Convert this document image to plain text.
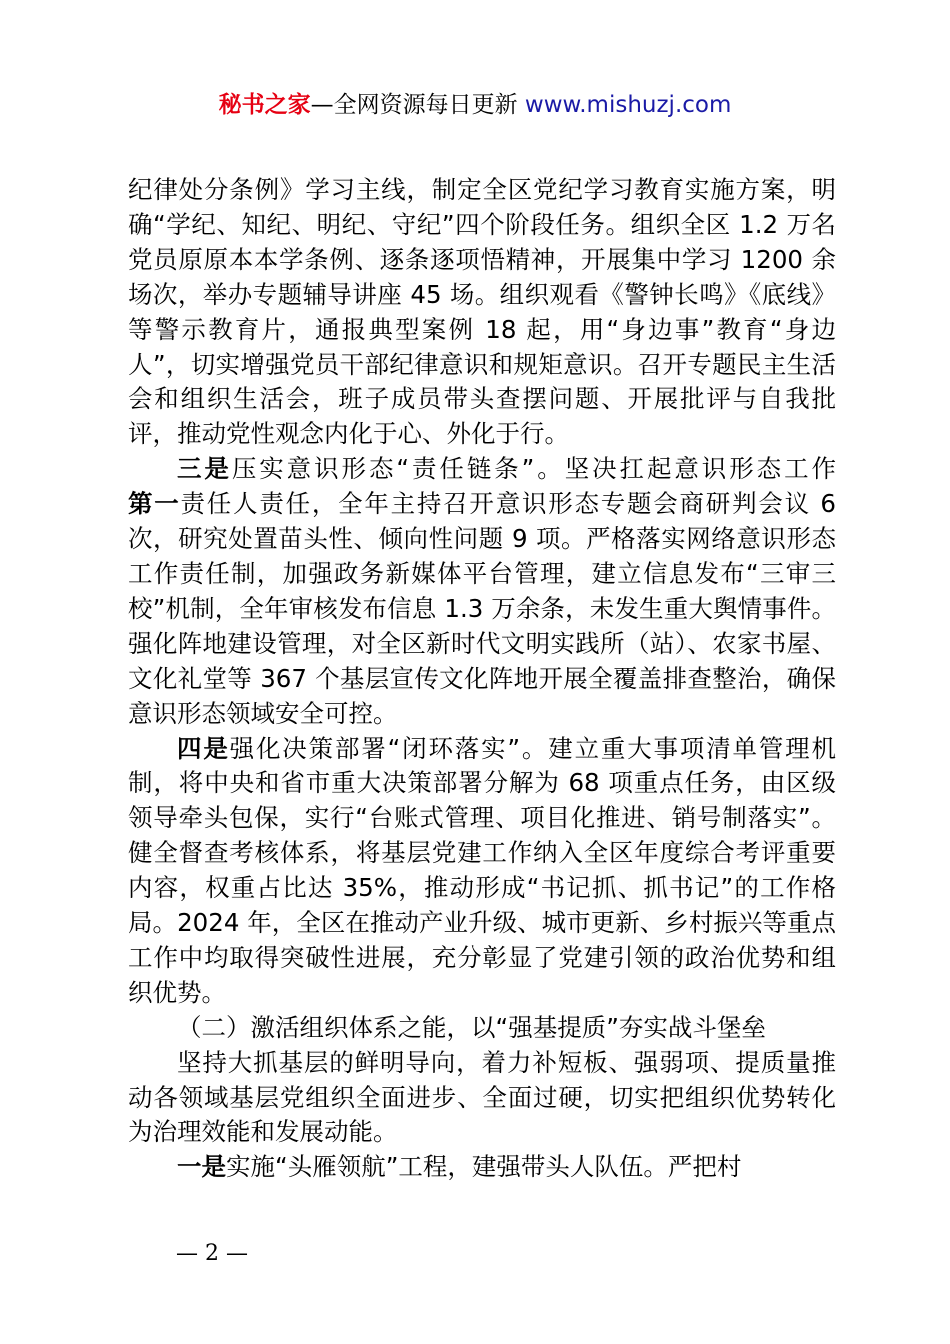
秘书之家—全网资源每日更新 www.mishuzj.com

纪律处分条例》学习主线，制定全区党纪学习教育实施方案，明确“学纪、知纪、明纪、守纪”四个阶段任务。组织全区 1.2 万名党员原原本本学条例、逐条逐项悟精神，开展集中学习 1200 余场次，举办专题辅导讲座 45 场。组织观看《警钟长鸣》《底线》等警示教育片，通报典型案例 18 起，用“身边事”教育“身边人”，切实增强党员干部纪律意识和规矩意识。召开专题民主生活会和组织生活会，班子成员带头查摆问题、开展批评与自我批评，推动党性观念内化于心、外化于行。

三是压实意识形态“责任链条”。坚决扛起意识形态工作

第一责任人责任，全年主持召开意识形态专题会商研判会议 6 次，研究处置苗头性、倾向性问题 9 项。严格落实网络意识形态工作责任制，加强政务新媒体平台管理，建立信息发布“三审三校”机制，全年审核发布信息 1.3 万余条，未发生重大舆情事件。强化阵地建设管理，对全区新时代文明实践所（站）、农家书屋、文化礼堂等 367 个基层宣传文化阵地开展全覆盖排查整治，确保意识形态领域安全可控。

四是强化决策部署“闭环落实”。建立重大事项清单管理机制，将中央和省市重大决策部署分解为 68 项重点任务，由区级领导牵头包保，实行“台账式管理、项目化推进、销号制落实”。健全督查考核体系，将基层党建工作纳入全区年度综合考评重要内容，权重占比达 35%，推动形成“书记抓、抓书记”的工作格局。2024 年，全区在推动产业升级、城市更新、乡村振兴等重点工作中均取得突破性进展，充分彰显了党建引领的政治优势和组织优势。

（二）激活组织体系之能，以“强基提质”夯实战斗堡垒

坚持大抓基层的鲜明导向，着力补短板、强弱项、提质量推动各领域基层党组织全面进步、全面过硬，切实把组织优势转化为治理效能和发展动能。

一是实施“头雁领航”工程，建强带头人队伍。严把村

— 2 —
